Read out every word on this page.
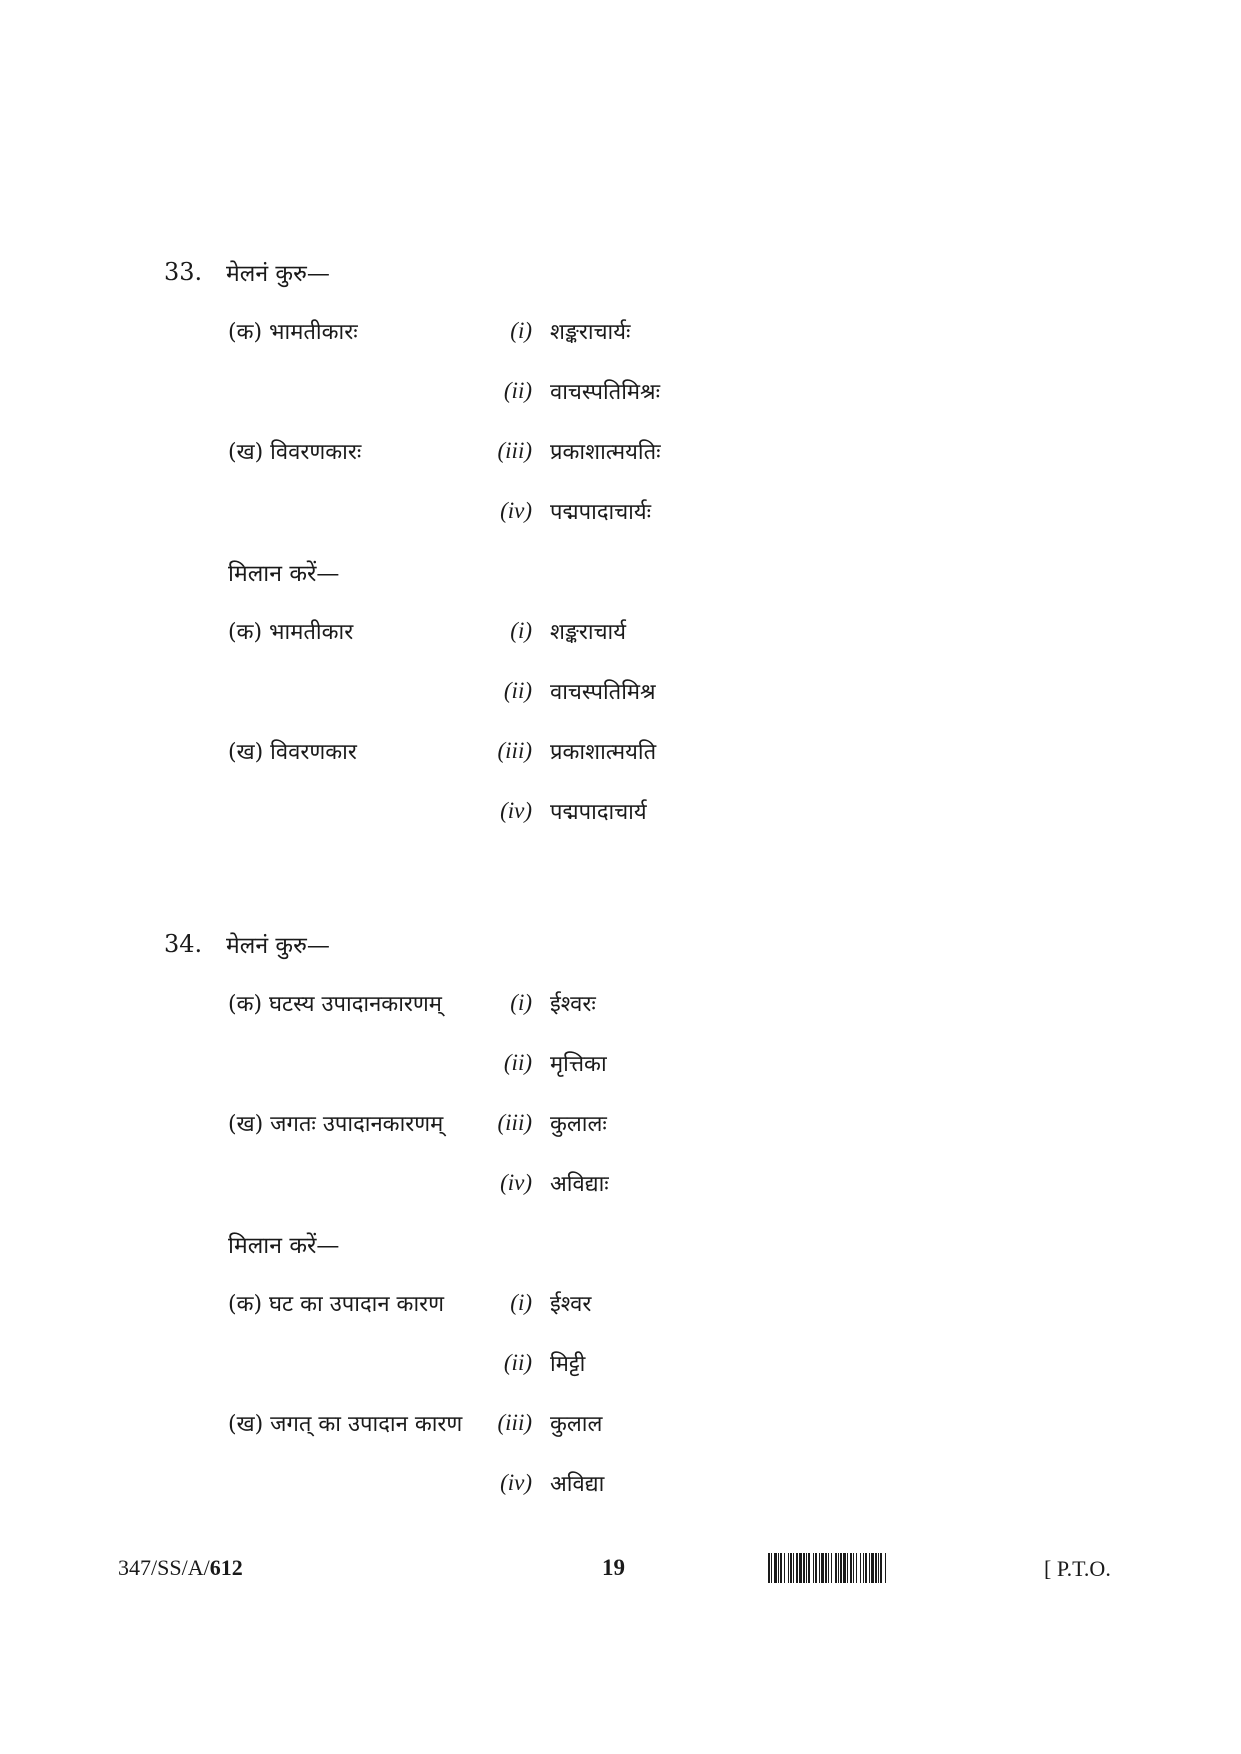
33. मेलनं कुरु—
(क) भामतीकारः
(ख) विवरणकारः
(i) शङ्कराचार्यः
(ii) वाचस्पतिमिश्रः
(iii) प्रकाशात्मयतिः
(iv) पद्मपादाचार्यः
मिलान करें—
(क) भामतीकार
(ख) विवरणकार
(i) शङ्कराचार्य
(ii) वाचस्पतिमिश्र
(iii) प्रकाशात्मयति
(iv) पद्मपादाचार्य
34. मेलनं कुरु—
(क) घटस्य उपादानकारणम्
(ख) जगतः उपादानकारणम्
(i) ईश्वरः
(ii) मृत्तिका
(iii) कुलालः
(iv) अविद्याः
मिलान करें—
(क) घट का उपादान कारण
(ख) जगत् का उपादान कारण
(i) ईश्वर
(ii) मिट्टी
(iii) कुलाल
(iv) अविद्या
347/SS/A/612	19	[ P.T.O.
